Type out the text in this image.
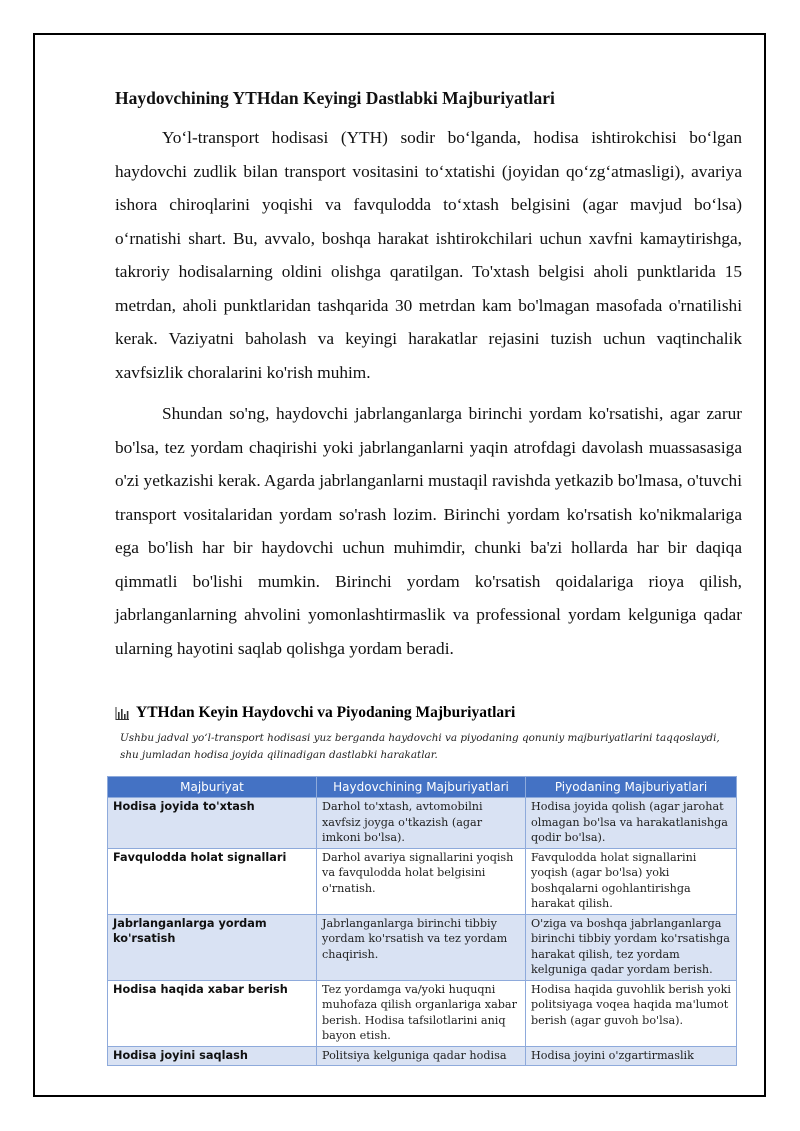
Haydovchining YTHdan Keyingi Dastlabki Majburiyatlari

Yo‘l-transport hodisasi (YTH) sodir bo‘lganda, hodisa ishtirokchisi bo‘lgan haydovchi zudlik bilan transport vositasini to‘xtatishi (joyidan qo‘zg‘atmasligi), avariya ishora chiroqlarini yoqishi va favqulodda to‘xtash belgisini (agar mavjud bo‘lsa) o‘rnatishi shart. Bu, avvalo, boshqa harakat ishtirokchilari uchun xavfni kamaytirishga, takroriy hodisalarning oldini olishga qaratilgan. To'xtash belgisi aholi punktlarida 15 metrdan, aholi punktlaridan tashqarida 30 metrdan kam bo'lmagan masofada o'rnatilishi kerak. Vaziyatni baholash va keyingi harakatlar rejasini tuzish uchun vaqtinchalik xavfsizlik choralarini ko'rish muhim.

Shundan so'ng, haydovchi jabrlanganlarga birinchi yordam ko'rsatishi, agar zarur bo'lsa, tez yordam chaqirishi yoki jabrlanganlarni yaqin atrofdagi davolash muassasasiga o'zi yetkazishi kerak. Agarda jabrlanganlarni mustaqil ravishda yetkazib bo'lmasa, o'tuvchi transport vositalaridan yordam so'rash lozim. Birinchi yordam ko'rsatish ko'nikmalariga ega bo'lish har bir haydovchi uchun muhimdir, chunki ba'zi hollarda har bir daqiqa qimmatli bo'lishi mumkin. Birinchi yordam ko'rsatish qoidalariga rioya qilish, jabrlanganlarning ahvolini yomonlashtirmaslik va professional yordam kelguniga qadar ularning hayotini saqlab qolishga yordam beradi.

YTHdan Keyin Haydovchi va Piyodaning Majburiyatlari
Ushbu jadval yo‘l-transport hodisasi yuz berganda haydovchi va piyodaning qonuniy majburiyatlarini taqqoslaydi, shu jumladan hodisa joyida qilinadigan dastlabki harakatlar.
Majburiyat	Haydovchining Majburiyatlari	Piyodaning Majburiyatlari
Hodisa joyida to'xtash	Darhol to'xtash, avtomobilni xavfsiz joyga o'tkazish (agar imkoni bo'lsa).	Hodisa joyida qolish (agar jarohat olmagan bo'lsa va harakatlanishga qodir bo'lsa).
Favqulodda holat signallari	Darhol avariya signallarini yoqish va favqulodda holat belgisini o'rnatish.	Favqulodda holat signallarini yoqish (agar bo'lsa) yoki boshqalarni ogohlantirishga harakat qilish.
Jabrlanganlarga yordam ko'rsatish	Jabrlanganlarga birinchi tibbiy yordam ko'rsatish va tez yordam chaqirish.	O'ziga va boshqa jabrlanganlarga birinchi tibbiy yordam ko'rsatishga harakat qilish, tez yordam kelguniga qadar yordam berish.
Hodisa haqida xabar berish	Tez yordamga va/yoki huquqni muhofaza qilish organlariga xabar berish. Hodisa tafsilotlarini aniq bayon etish.	Hodisa haqida guvohlik berish yoki politsiyaga voqea haqida ma'lumot berish (agar guvoh bo'lsa).
Hodisa joyini saqlash	Politsiya kelguniga qadar hodisa	Hodisa joyini o'zgartirmaslik
